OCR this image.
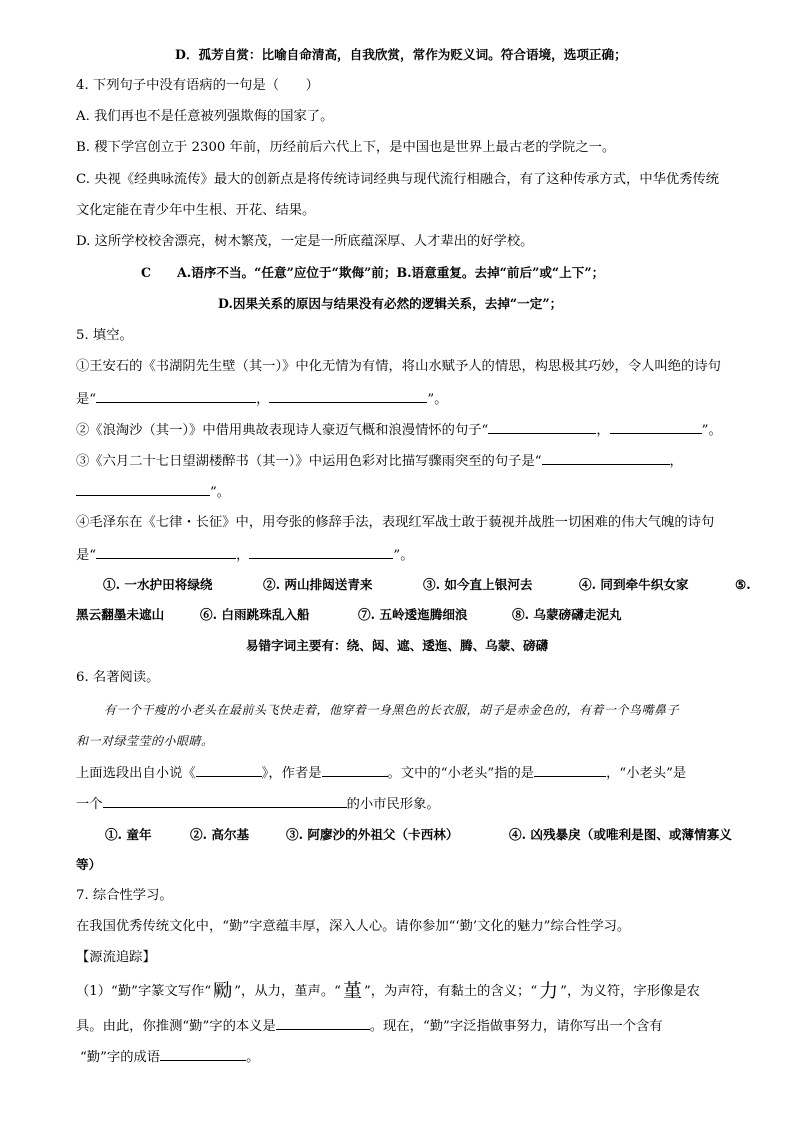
D．孤芳自赏：比喻自命清高，自我欣赏，常作为贬义词。符合语境，选项正确；
4. 下列句子中没有语病的一句是（　　）
A. 我们再也不是任意被列强欺侮的国家了。
B. 稷下学宫创立于 2300 年前，历经前后六代上下，是中国也是世界上最古老的学院之一。
C. 央视《经典咏流传》最大的创新点是将传统诗词经典与现代流行相融合，有了这种传承方式，中华优秀传统
文化定能在青少年中生根、开花、结果。
D. 这所学校校舍漂亮，树木繁茂，一定是一所底蕴深厚、人才辈出的好学校。
C A.语序不当。“任意”应位于“欺侮”前；B.语意重复。去掉“前后”或“上下”；
D.因果关系的原因与结果没有必然的逻辑关系，去掉“一定”；
5. 填空。
①王安石的《书湖阴先生壁（其一）》中化无情为有情，将山水赋予人的情思，构思极其巧妙，令人叫绝的诗句
是“	，	”。
②《浪淘沙（其一）》中借用典故表现诗人豪迈气概和浪漫情怀的句子“	，	”。
③《六月二十七日望湖楼醉书（其一）》中运用色彩对比描写骤雨突至的句子是“	，
”。
④毛泽东在《七律・长征》中，用夸张的修辞手法，表现红军战士敢于藐视并战胜一切困难的伟大气魄的诗句
是“	，	”。
①. 一水护田将绿绕	②. 两山排闼送青来	③. 如今直上银河去	④. 同到牵牛织女家	⑤.
黑云翻墨未遮山	⑥. 白雨跳珠乱入船	⑦. 五岭逶迤腾细浪	⑧. 乌蒙磅礴走泥丸
易错字词主要有：绕、闼、遮、逶迤、腾、乌蒙、磅礴
6. 名著阅读。
有一个干瘦的小老头在最前头飞快走着，他穿着一身黑色的长衣服，胡子是赤金色的，有着一个鸟嘴鼻子
和一对绿莹莹的小眼睛。
上面选段出自小说《	》，作者是	。文中的“小老头”指的是	，“小老头”是
一个	的小市民形象。
①. 童年	②. 高尔基	③. 阿廖沙的外祖父（卡西林）	④. 凶残暴戾（或唯利是图、或薄情寡义
等）
7. 综合性学习。
在我国优秀传统文化中，“勤”字意蕴丰厚，深入人心。请你参加“‘勤’文化的魅力”综合性学习。
【源流追踪】
（1）“勤”字篆文写作“ 𠢭 ”，从力，堇声。“ 堇 ”，为声符，有黏土的含义；“ 力 ”，为义符，字形像是农
具。由此，你推测“勤”字的本义是	。现在，“勤”字泛指做事努力，请你写出一个含有
“勤”字的成语	。
